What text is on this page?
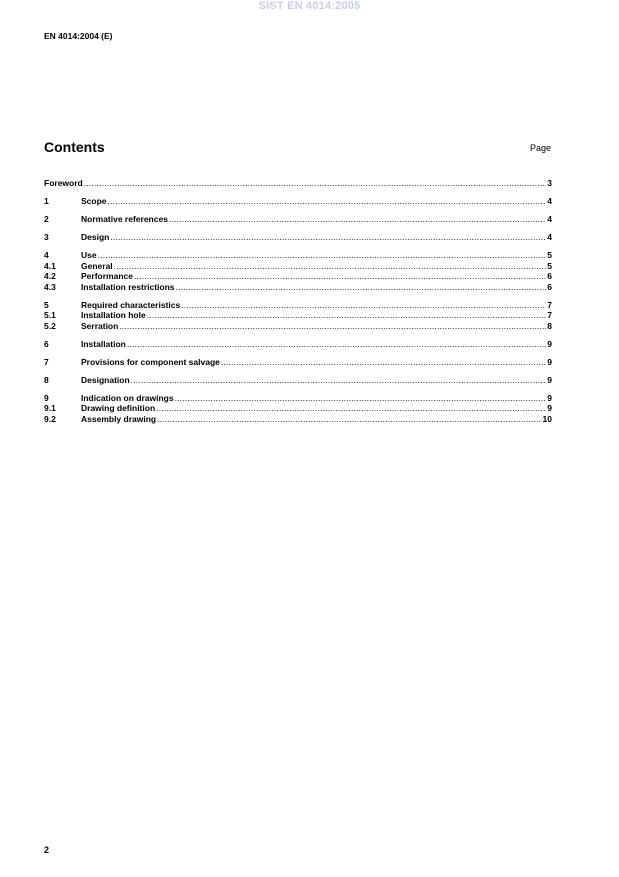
SIST EN 4014:2005
EN 4014:2004 (E)
Contents	Page
Foreword .....	3
1	Scope .....	4
2	Normative references .....	4
3	Design .....	4
4	Use .....	5
4.1	General .....	5
4.2	Performance .....	6
4.3	Installation restrictions .....	6
5	Required characteristics .....	7
5.1	Installation hole .....	7
5.2	Serration .....	8
6	Installation .....	9
7	Provisions for component salvage .....	9
8	Designation .....	9
9	Indication on drawings .....	9
9.1	Drawing definition .....	9
9.2	Assembly drawing .....	10
2
